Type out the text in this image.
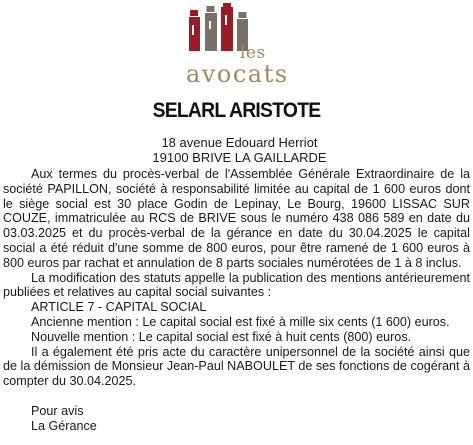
les
avocats
SELARL ARISTOTE
18 avenue Edouard Herriot
19100 BRIVE LA GAILLARDE

Aux termes du procès-verbal de l'Assemblée Générale Extraordinaire de la société PAPILLON, société à responsabilité limitée au capital de 1 600 euros dont le siège social est 30 place Godin de Lepinay, Le Bourg, 19600 LISSAC SUR COUZE, immatriculée au RCS de BRIVE sous le numéro 438 086 589 en date du 03.03.2025 et du procès-verbal de la gérance en date du 30.04.2025 le capital social a été réduit d'une somme de 800 euros, pour être ramené de 1 600 euros à 800 euros par rachat et annulation de 8 parts sociales numérotées de 1 à 8 inclus.

La modification des statuts appelle la publication des mentions antérieurement publiées et relatives au capital social suivantes :

ARTICLE 7 - CAPITAL SOCIAL

Ancienne mention : Le capital social est fixé à mille six cents (1 600) euros.

Nouvelle mention : Le capital social est fixé à huit cents (800) euros.

Il a également été pris acte du caractère unipersonnel de la société ainsi que de la démission de Monsieur Jean-Paul NABOULET de ses fonctions de cogérant à compter du 30.04.2025.

Pour avis

La Gérance
